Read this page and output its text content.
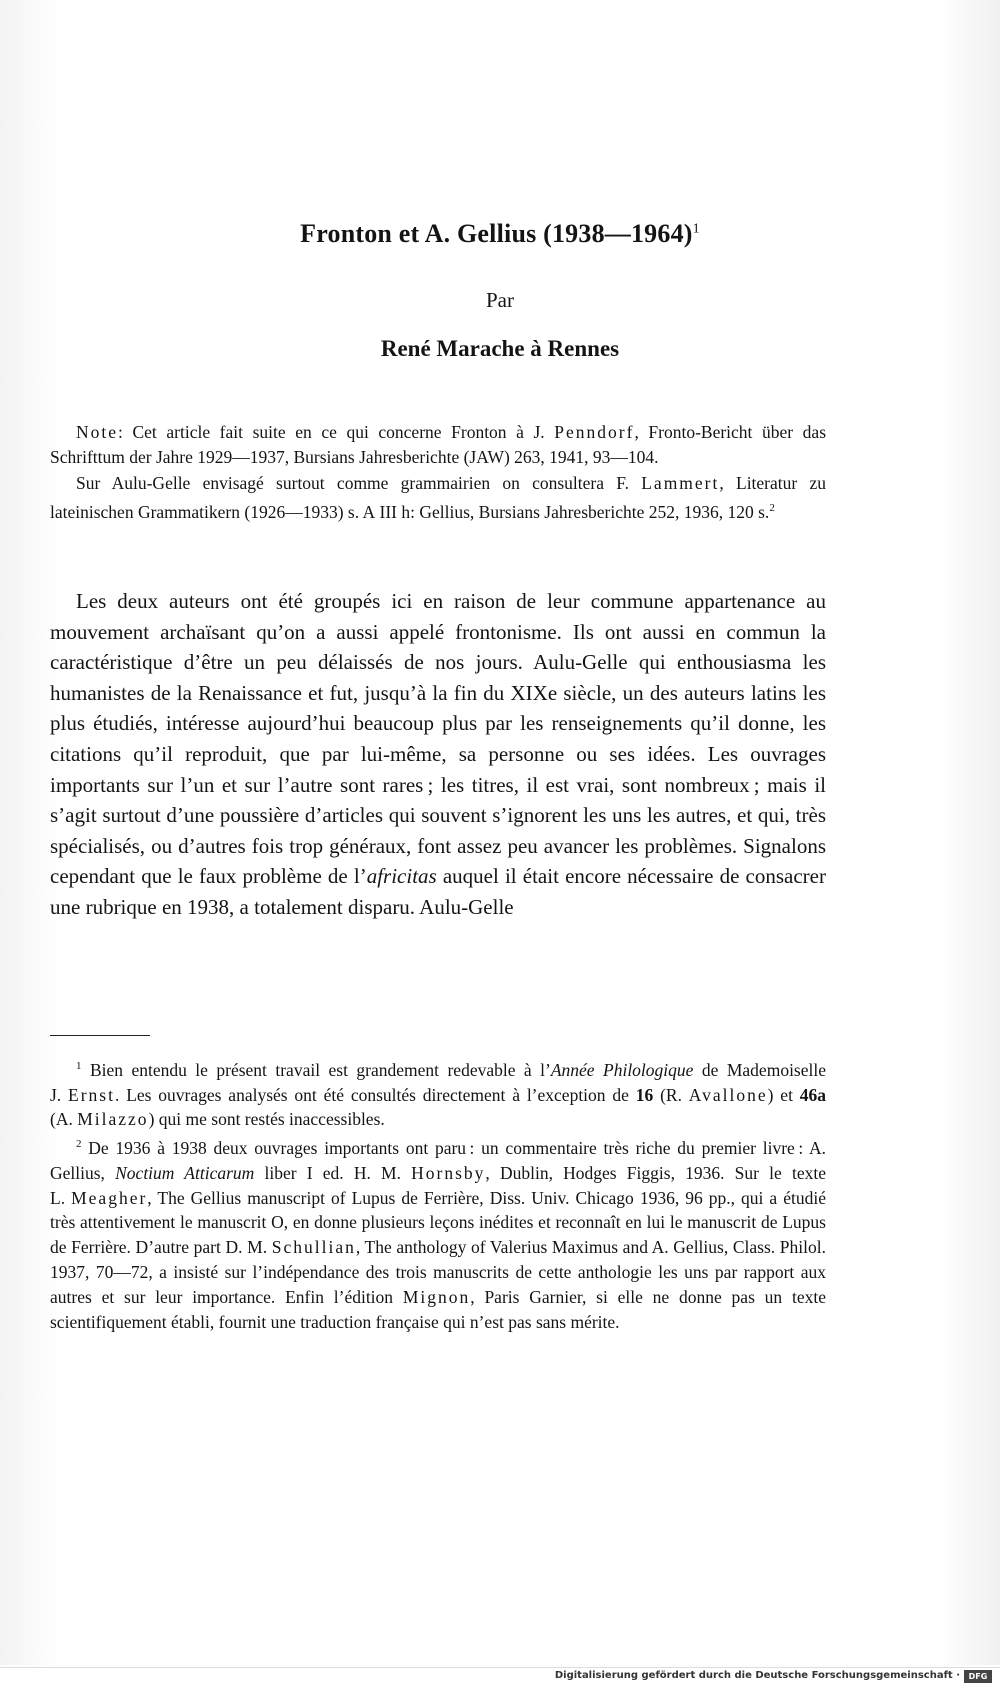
Fronton et A. Gellius (1938—1964)$^1$
Par
René Marache à Rennes

Note: Cet article fait suite en ce qui concerne Fronton à J. Penndorf, Fronto-Bericht über das Schrifttum der Jahre 1929—1937, Bursians Jahresberichte (JAW) 263, 1941, 93—104.

Sur Aulu-Gelle envisagé surtout comme grammairien on consultera F. Lammert, Literatur zu lateinischen Grammatikern (1926—1933) s. A III h: Gellius, Bursians Jahresberichte 252, 1936, 120 s.$^2$

Les deux auteurs ont été groupés ici en raison de leur commune appartenance au mouvement archaïsant qu’on a aussi appelé frontonisme. Ils ont aussi en commun la caractéristique d’être un peu délaissés de nos jours. Aulu-Gelle qui enthousiasma les humanistes de la Renaissance et fut, jusqu’à la fin du XIXe siècle, un des auteurs latins les plus étudiés, intéresse aujourd’hui beaucoup plus par les renseignements qu’il donne, les citations qu’il reproduit, que par lui-même, sa personne ou ses idées. Les ouvrages importants sur l’un et sur l’autre sont rares ; les titres, il est vrai, sont nombreux ; mais il s’agit surtout d’une poussière d’articles qui souvent s’ignorent les uns les autres, et qui, très spécialisés, ou d’autres fois trop généraux, font assez peu avancer les problèmes. Signalons cependant que le faux problème de l’africitas auquel il était encore nécessaire de consacrer une rubrique en 1938, a totalement disparu. Aulu-Gelle

$^1$ Bien entendu le présent travail est grandement redevable à l’Année Philologique de Mademoiselle J. Ernst. Les ouvrages analysés ont été consultés directement à l’exception de 16 (R. Avallone) et 46a (A. Milazzo) qui me sont restés inaccessibles.

$^2$ De 1936 à 1938 deux ouvrages importants ont paru : un commentaire très riche du premier livre : A. Gellius, Noctium Atticarum liber I ed. H. M. Hornsby, Dublin, Hodges Figgis, 1936. Sur le texte L. Meagher, The Gellius manuscript of Lupus de Ferrière, Diss. Univ. Chicago 1936, 96 pp., qui a étudié très attentivement le manuscrit O, en donne plusieurs leçons inédites et reconnaît en lui le manuscrit de Lupus de Ferrière. D’autre part D. M. Schullian, The anthology of Valerius Maximus and A. Gellius, Class. Philol. 1937, 70—72, a insisté sur l’indépendance des trois manuscrits de cette anthologie les uns par rapport aux autres et sur leur importance. Enfin l’édition Mignon, Paris Garnier, si elle ne donne pas un texte scientifiquement établi, fournit une traduction française qui n’est pas sans mérite.

Digitalisierung gefördert durch die Deutsche Forschungsgemeinschaft ·	DFG
